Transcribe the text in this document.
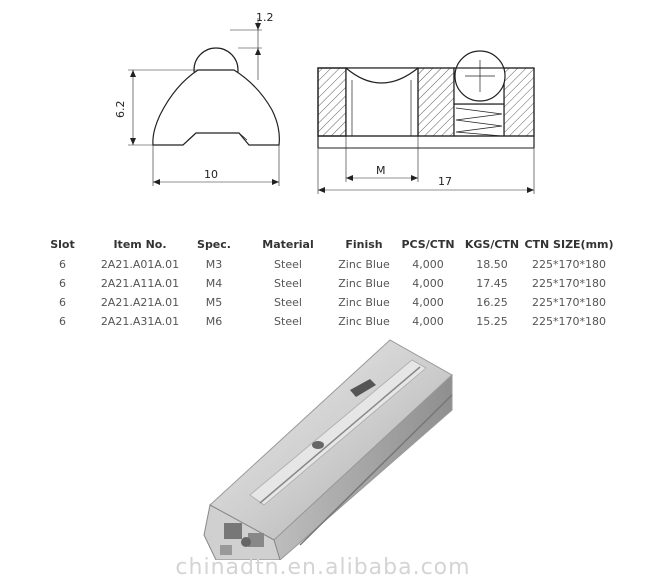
1.2
6.2
10	M
17
Slot	Item No.	Spec.	Material	Finish	PCS/CTN	KGS/CTN	CTN SIZE(mm)
6	2A21.A01A.01	M3	Steel	Zinc Blue	4,000	18.50	225*170*180
6	2A21.A11A.01	M4	Steel	Zinc Blue	4,000	17.45	225*170*180
6	2A21.A21A.01	M5	Steel	Zinc Blue	4,000	16.25	225*170*180
6	2A21.A31A.01	M6	Steel	Zinc Blue	4,000	15.25	225*170*180
chinadtn.en.alibaba.com
